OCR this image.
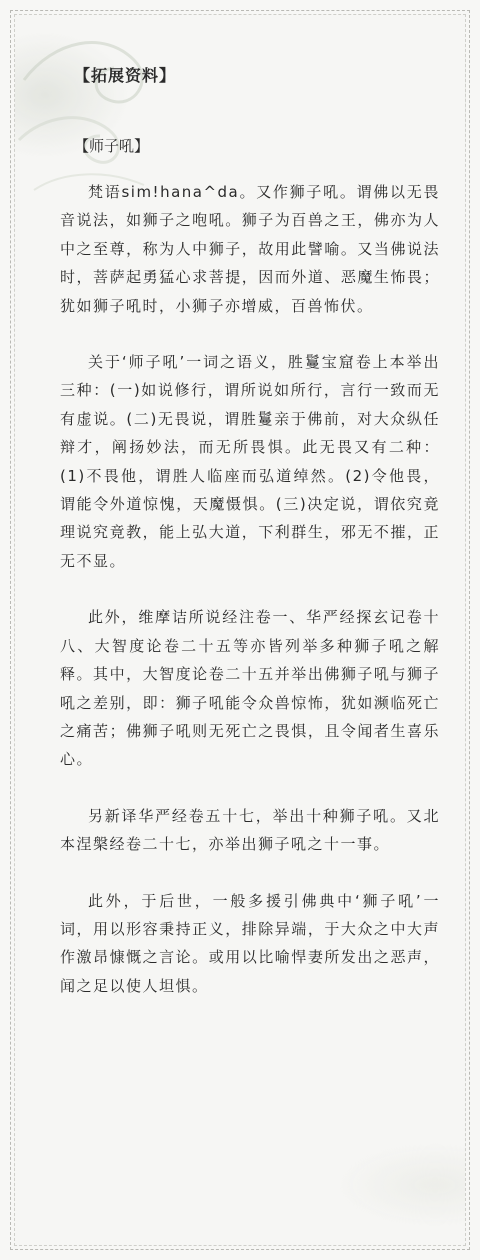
【拓展资料】
【师子吼】

梵语sim!hana^da。又作狮子吼。谓佛以无畏音说法，如狮子之咆吼。狮子为百兽之王，佛亦为人中之至尊，称为人中狮子，故用此譬喻。又当佛说法时，菩萨起勇猛心求菩提，因而外道、恶魔生怖畏；犹如狮子吼时，小狮子亦增威，百兽怖伏。

关于‘师子吼’一词之语义，胜鬘宝窟卷上本举出三种：(一)如说修行，谓所说如所行，言行一致而无有虚说。(二)无畏说，谓胜鬘亲于佛前，对大众纵任辩才，阐扬妙法，而无所畏惧。此无畏又有二种：(1)不畏他，谓胜人临座而弘道绰然。(2)令他畏，谓能令外道惊愧，天魔慑惧。(三)决定说，谓依究竟理说究竟教，能上弘大道，下利群生，邪无不摧，正无不显。

此外，维摩诘所说经注卷一、华严经探玄记卷十八、大智度论卷二十五等亦皆列举多种狮子吼之解释。其中，大智度论卷二十五并举出佛狮子吼与狮子吼之差别，即：狮子吼能令众兽惊怖，犹如濒临死亡之痛苦；佛狮子吼则无死亡之畏惧，且令闻者生喜乐心。

另新译华严经卷五十七，举出十种狮子吼。又北本涅槃经卷二十七，亦举出狮子吼之十一事。

此外，于后世，一般多援引佛典中‘狮子吼’一词，用以形容秉持正义，排除异端，于大众之中大声作激昂慷慨之言论。或用以比喻悍妻所发出之恶声，闻之足以使人坦惧。
